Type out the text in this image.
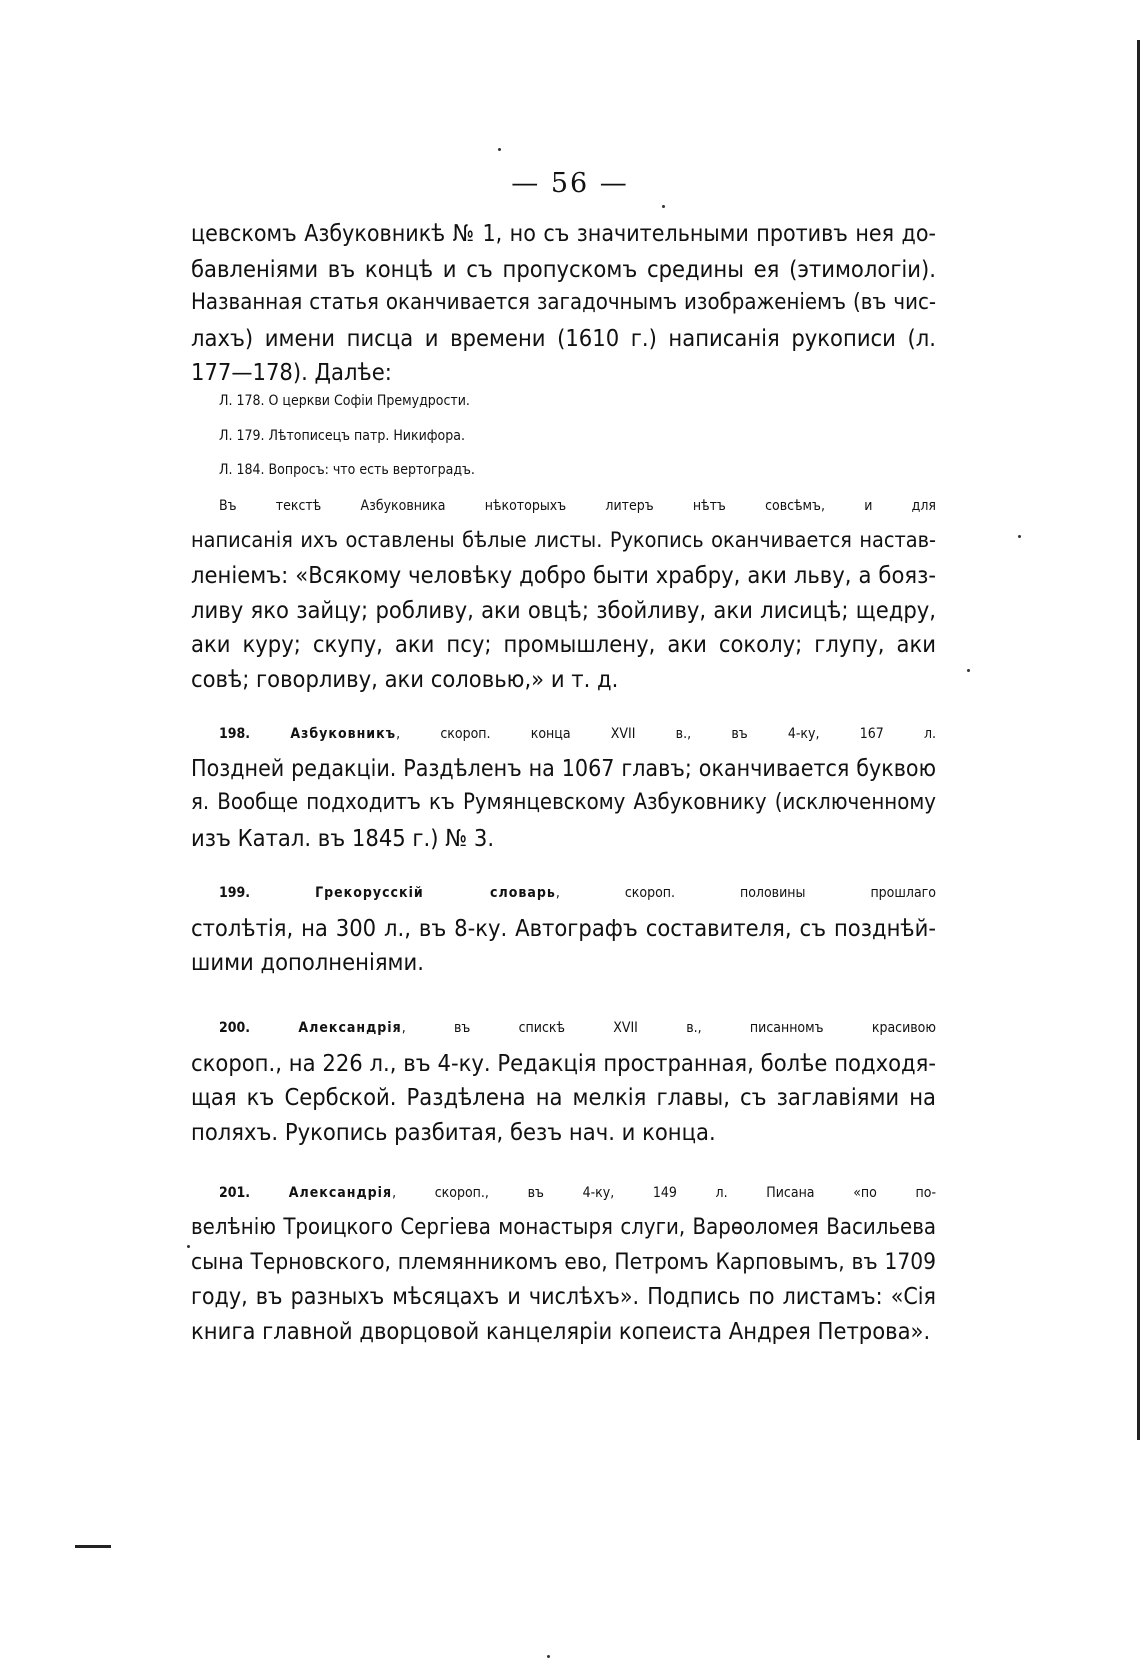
— 56 —
цевскомъ Азбуковникѣ № 1, но съ значительными противъ нея до-
бавленіями въ концѣ и съ пропускомъ средины ея (этимологіи).
Названная статья оканчивается загадочнымъ изображеніемъ (въ чис-
лахъ) имени писца и времени (1610 г.) написанія рукописи (л.
177—178). Далѣе:
Л. 178. О церкви Софіи Премудрости.
Л. 179. Лѣтописецъ патр. Никифора.
Л. 184. Вопросъ: что есть вертоградъ.
Въ текстѣ Азбуковника нѣкоторыхъ литеръ нѣтъ совсѣмъ, и для
написанія ихъ оставлены бѣлые листы. Рукопись оканчивается настав-
леніемъ: «Всякому человѣку добро быти храбру, аки льву, а бояз-
ливу яко зайцу; робливу, аки овцѣ; збойливу, аки лисицѣ; щедру,
аки куру; скупу, аки псу; промышлену, аки соколу; глупу, аки
совѣ; говорливу, аки соловью,» и т. д.
198.	Азбуковникъ, скороп. конца XVII в., въ 4-ку, 167 л.
Поздней редакціи. Раздѣленъ на 1067 главъ; оканчивается буквою
я. Вообще подходитъ къ Румянцевскому Азбуковнику (исключенному
изъ Катал. въ 1845 г.) № 3.
199.	Грекорусскій словарь, скороп. половины прошлаго
столѣтія, на 300 л., въ 8-ку. Автографъ составителя, съ позднѣй-
шими дополненіями.
200.	Александрія, въ спискѣ XVII в., писанномъ красивою
скороп., на 226 л., въ 4-ку. Редакція пространная, болѣе подходя-
щая къ Сербской. Раздѣлена на мелкія главы, съ заглавіями на
поляхъ. Рукопись разбитая, безъ нач. и конца.
201.	Александрія, скороп., въ 4-ку, 149 л. Писана «по по-
велѣнію Троицкого Сергіева монастыря слуги, Варѳоломея Васильева
сына Терновского, племянникомъ ево, Петромъ Карповымъ, въ 1709
году, въ разныхъ мѣсяцахъ и числѣхъ». Подпись по листамъ: «Сія
книга главной дворцовой канцеляріи копеиста Андрея Петрова».
